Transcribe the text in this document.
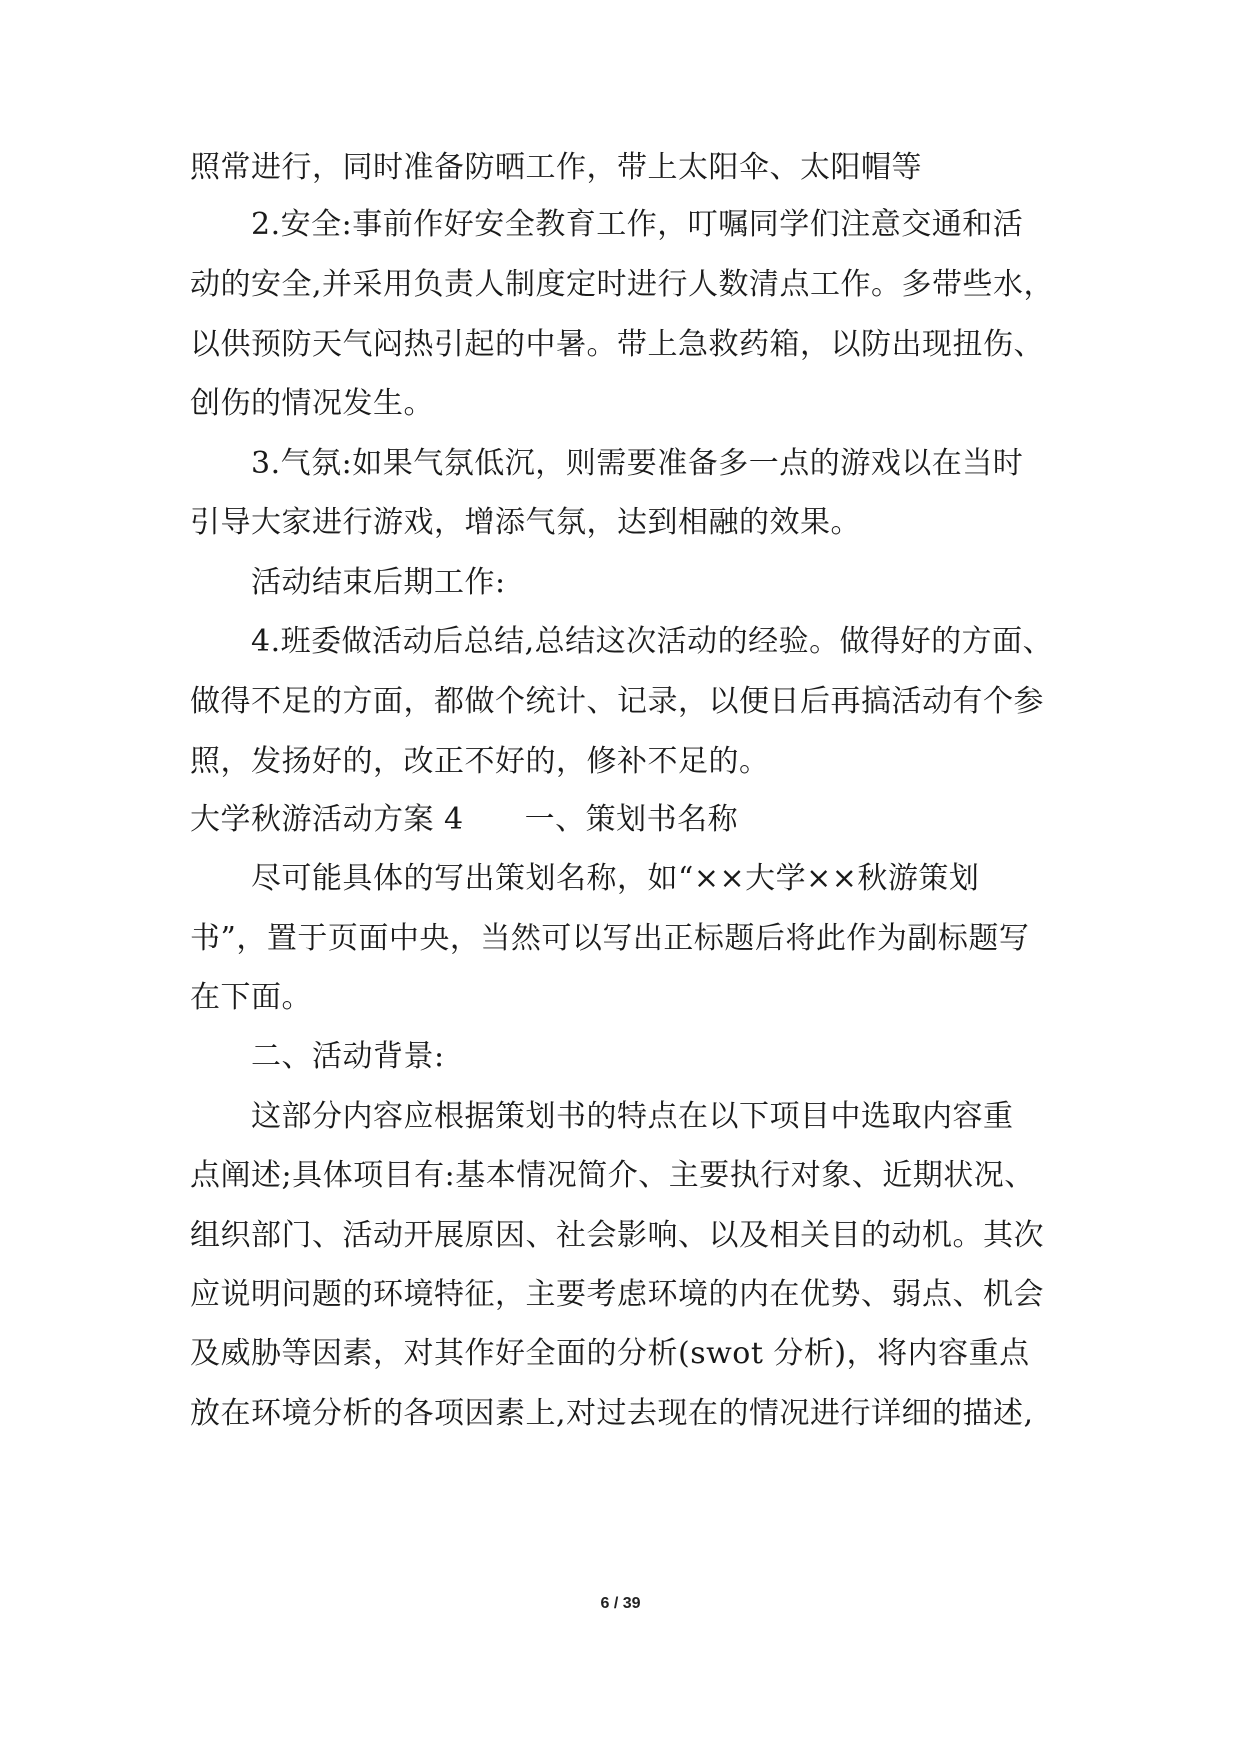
照常进行，同时准备防晒工作，带上太阳伞、太阳帽等
2.安全:事前作好安全教育工作，叮嘱同学们注意交通和活
动的安全,并采用负责人制度定时进行人数清点工作。多带些水，
以供预防天气闷热引起的中暑。带上急救药箱，以防出现扭伤、
创伤的情况发生。
3.气氛:如果气氛低沉，则需要准备多一点的游戏以在当时
引导大家进行游戏，增添气氛，达到相融的效果。
活动结束后期工作:
4.班委做活动后总结,总结这次活动的经验。做得好的方面、
做得不足的方面，都做个统计、记录，以便日后再搞活动有个参
照，发扬好的，改正不好的，修补不足的。
大学秋游活动方案 4　　一、策划书名称
尽可能具体的写出策划名称，如“××大学××秋游策划
书”，置于页面中央，当然可以写出正标题后将此作为副标题写
在下面。
二、活动背景:
这部分内容应根据策划书的特点在以下项目中选取内容重
点阐述;具体项目有:基本情况简介、主要执行对象、近期状况、
组织部门、活动开展原因、社会影响、以及相关目的动机。其次
应说明问题的环境特征，主要考虑环境的内在优势、弱点、机会
及威胁等因素，对其作好全面的分析(swot 分析)，将内容重点
放在环境分析的各项因素上,对过去现在的情况进行详细的描述,
6 / 39
